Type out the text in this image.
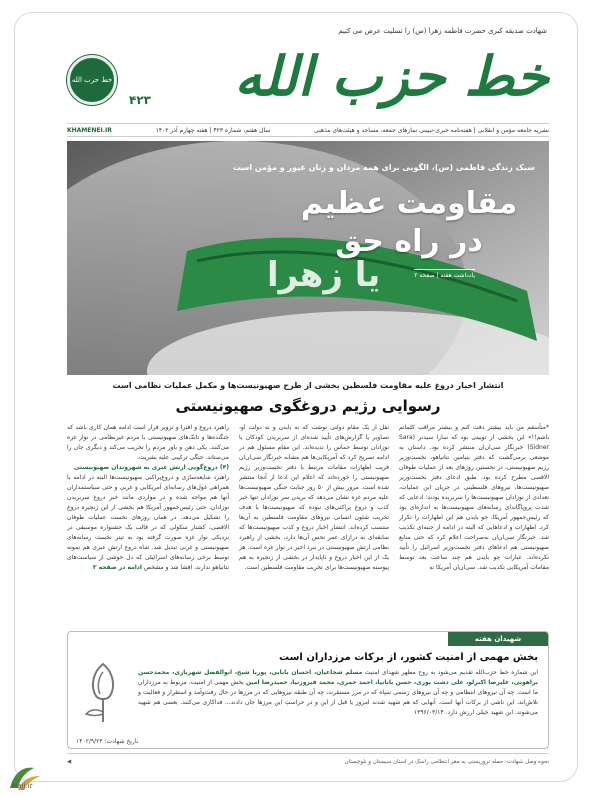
شهادت صدیقه کبری حضرت فاطمه زهرا (س) را تسلیت عرض می کنیم
خط حزب الله
۴۲۳ خط حزب الله
نشریه جامعه مؤمن و انقلابی | هفته‌نامه خبری-تبیینی نمازهای جمعه، مساجد و هیئت‌های مذهبی
سال هفتم، شماره ۴۲۳ | هفته چهارم آذر ۱۴۰۲
KHAMENEI.IR
یا زهرا
سبک زندگی فاطمی (س)، الگویی برای همه مردان و زنان غیور و مؤمن است
مقاومت عظیم در راه حق
یادداشت هفته | صفحه ۲
انتشار اخبار دروغ علیه مقاومت فلسطین بخشی از طرح صهیونیست‌ها و مکمل عملیات نظامی است
رسوایی رژیم دروغگوی صهیونیستی
*متأسفم من باید بیشتر دقت کنم و بیشتر مراقب کلماتم باشم!!» این بخشی از توییتی بود که سارا سیدنر (Sara Sidner) خبرنگار سی‌ان‌ان منتشر کرده بود. داستان به موضعی برمی‌گشت که دفتر بنیامین نتانیاهو، نخست‌وزیر رژیم صهیونیستی، در نخستین روزهای بعد از عملیات طوفان الاقصی مطرح کرده بود. طبق ادعای دفتر نخست‌وزیر صهیونیست‌ها، نیروهای فلسطینی در جریان این عملیات، تعدادی از نوزادان صهیونیست‌ها را سربریده بودند؛ ادعایی که شدت پروپاگاندای رسانه‌های صهیونیست‌ها به اندازه‌ای بود که رئیس‌جمهور آمریکا، جو بایدن هم این اظهارات را تکرار کرد. اظهارات و ادعاهایی که البته در ادامه از جنبه‌ای تکذیب شد. خبرنگار سی‌ان‌ان به‌صراحت اعلام کرد که حتی منابع صهیونیستی هم ادعاهای دفتر نخست‌وزیر اسرائیل را تأیید نکرده‌اند. عبارات جو بایدن هم چند ساعت بعد توسط مقامات آمریکایی تکذیب شد. سی‌ان‌ان آمریکا نه
نقل از یک مقام دولتی نوشت که نه بایدن و نه دولت او، تصاویر یا گزارش‌های تأیید شده‌ای از سربریدن کودکان یا نوزادان توسط حماس را ندیده‌اند. این مقام مسئول هم در ادامه تصریح کرد که آمریکایی‌ها هم مشابه خبرنگار سی‌ان‌ان فریب اظهارات مقامات مرتبط با دفتر نخست‌وزیر رژیم صهیونیستی را خورده‌اند که اعلام این ادعا از آنجا منتشر شده است. مرور بیش از ۵۰ روز جنایت جنگی صهیونیست‌ها علیه مردم غزه نشان می‌دهد که بریدن سر نوزادان تنها خبر کذب و دروغ پراکنی‌های نبوده که صهیونیست‌ها با هدف تخریب شئون انسانی نیروهای مقاومت فلسطین به آن‌ها منتسب کرده‌اند. انتشار اخبار دروغ و کذب صهیونیست‌ها که سابقه‌ای به درازای عمر نحس آن‌ها دارد، بخشی از راهبرد نظامی ارتش صهیونیستی در نبرد اخیر در نوار غزه است. هر یک از این اخبار دروغ و ناپایدار در بخشی از زنجیره به هم پیوسته صهیونیست‌ها برای تخریب مقاومت فلسطین است.
راهبرد دروغ و افترا و تزویر قرار است ادامه همان کاری باشد که جنگنده‌ها و تانک‌های صهیونیستی با مردم غیرنظامی در نوار غزه می‌کنند. یکی ذهن و باور مردم را تخریب می‌کند و دیگری جان را می‌ستاند. جنگی ترکیبی علیه بشریت.
(۴) دروغ‌گویی ارتش عبری به شهروندان صهیونیستی
راهبرد شایعه‌سازی و دروغ‌پراکنی صهیونیست‌ها البته در ادامه با همراهی غول‌های رسانه‌ای آمریکایی و غربی و حتی سیاستمداران آنها هم مواجه شده و در مواردی مانند خبر دروغ سربریدن نوزادان، حتی رئیس‌جمهور آمریکا هم بخشی از این زنجیره دروغ را تشکیل می‌دهد. در همان روزهای نخست عملیات طوفان الاقصی، کشتار سکولی که در قالب یک جشنواره موسیقی در نزدیکی نوار غزه صورت گرفته بود به تیتر نخست رسانه‌های صهیونیستی و غربی تبدیل شد. شاه دروغ ارتش عبری هم نمونه توسط برخی رسانه‌های اسرائیلی که دل خوشی از سیاست‌های نتانیاهو ندارند، افشا شد و مشخص ادامه در صفحه ۳
شهیدان هفته
بخش مهمی از امنیت کشور، از برکات مرزداران است
این شماره خط حزب‌الله تقدیم می‌شود به روح مطهر شهدای امنیت مسلم شجاعیان، احسان بابایی، پوریا شیخ، ابوالفضل شهریاری، محمدحسن براهویی، علیرضا اکبرلو، علی دشت پوری، حسن بابانیا، احمد خمری، محمد فیروزنیا، حمیدرضا امین بخش مهمی از امنیت، مربوط به مرزداران ما است. چه آن نیروهای انتظامی و چه آن نیروهای رسمی سپاه که در مرز مستقرند، چه آن طبقه نیروهایی که در مرزها در حال رفت‌وآمد و استقرار و فعالیت و تلاش‌اند، این ناشی از برکات آنها است. آنهایی که هم شهید شدند امروز یا قبل از این و در حراستِ این مرزها جان دادند... فداکاری‌ می‌کنند. بعضی هم شهید می‌شوند. این شهید خیلی ارزش دارد. ۱۳۹۶/۰۳/۱۴
تاریخ شهادت: ۱۴۰۲/۹/۲۴
نحوه وصل شهادت: حمله تروریستی به مقر انتظامی راسک در استان سیستان و بلوچستان
◀
Hajj.ir
